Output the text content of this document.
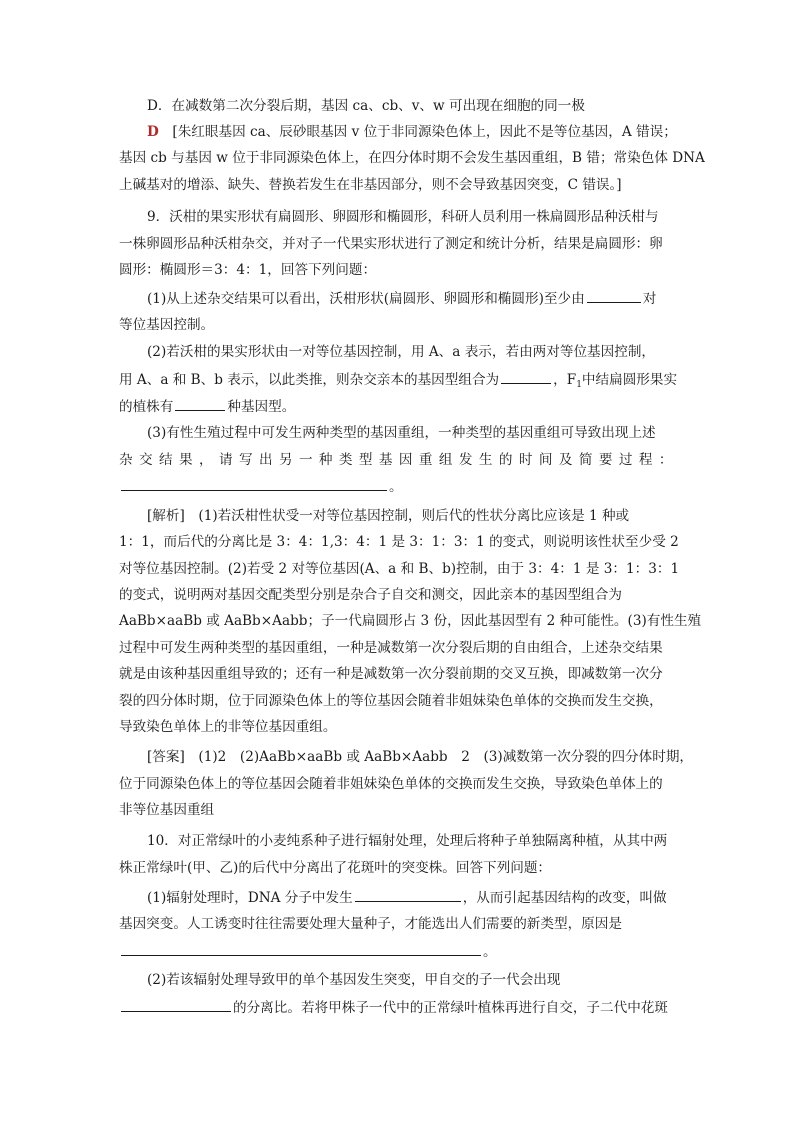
D．在减数第二次分裂后期，基因 ca、cb、v、w 可出现在细胞的同一极
D　[朱红眼基因 ca、辰砂眼基因 v 位于非同源染色体上，因此不是等位基因，A 错误；
基因 cb 与基因 w 位于非同源染色体上，在四分体时期不会发生基因重组，B 错；常染色体 DNA
上碱基对的增添、缺失、替换若发生在非基因部分，则不会导致基因突变，C 错误。]
9．沃柑的果实形状有扁圆形、卵圆形和椭圆形，科研人员利用一株扁圆形品种沃柑与
一株卵圆形品种沃柑杂交，并对子一代果实形状进行了测定和统计分析，结果是扁圆形：卵
圆形：椭圆形＝3：4：1，回答下列问题：
(1)从上述杂交结果可以看出，沃柑形状(扁圆形、卵圆形和椭圆形)至少由	对
等位基因控制。
(2)若沃柑的果实形状由一对等位基因控制，用 A、a 表示，若由两对等位基因控制，
用 A、a 和 B、b 表示，以此类推，则杂交亲本的基因型组合为	，$F_1$中结扁圆形果实
的植株有	种基因型。
(3)有性生殖过程中可发生两种类型的基因重组，一种类型的基因重组可导致出现上述
杂交结果，请写出另一种类型基因重组发生的时间及简要过程：
。
[解析]　(1)若沃柑性状受一对等位基因控制，则后代的性状分离比应该是 1 种或
1：1，而后代的分离比是 3：4：1,3：4：1 是 3：1：3：1 的变式，则说明该性状至少受 2
对等位基因控制。(2)若受 2 对等位基因(A、a 和 B、b)控制，由于 3：4：1 是 3：1：3：1
的变式，说明两对基因交配类型分别是杂合子自交和测交，因此亲本的基因型组合为
AaBb×aaBb 或 AaBb×Aabb；子一代扁圆形占 3 份，因此基因型有 2 种可能性。(3)有性生殖
过程中可发生两种类型的基因重组，一种是减数第一次分裂后期的自由组合，上述杂交结果
就是由该种基因重组导致的；还有一种是减数第一次分裂前期的交叉互换，即减数第一次分
裂的四分体时期，位于同源染色体上的等位基因会随着非姐妹染色单体的交换而发生交换，
导致染色单体上的非等位基因重组。
[答案]　(1)2　(2)AaBb×aaBb 或 AaBb×Aabb　2　(3)减数第一次分裂的四分体时期，
位于同源染色体上的等位基因会随着非姐妹染色单体的交换而发生交换，导致染色单体上的
非等位基因重组
10．对正常绿叶的小麦纯系种子进行辐射处理，处理后将种子单独隔离种植，从其中两
株正常绿叶(甲、乙)的后代中分离出了花斑叶的突变株。回答下列问题：
(1)辐射处理时，DNA 分子中发生	，从而引起基因结构的改变，叫做
基因突变。人工诱变时往往需要处理大量种子，才能选出人们需要的新类型，原因是
。
(2)若该辐射处理导致甲的单个基因发生突变，甲自交的子一代会出现
的分离比。若将甲株子一代中的正常绿叶植株再进行自交，子二代中花斑
